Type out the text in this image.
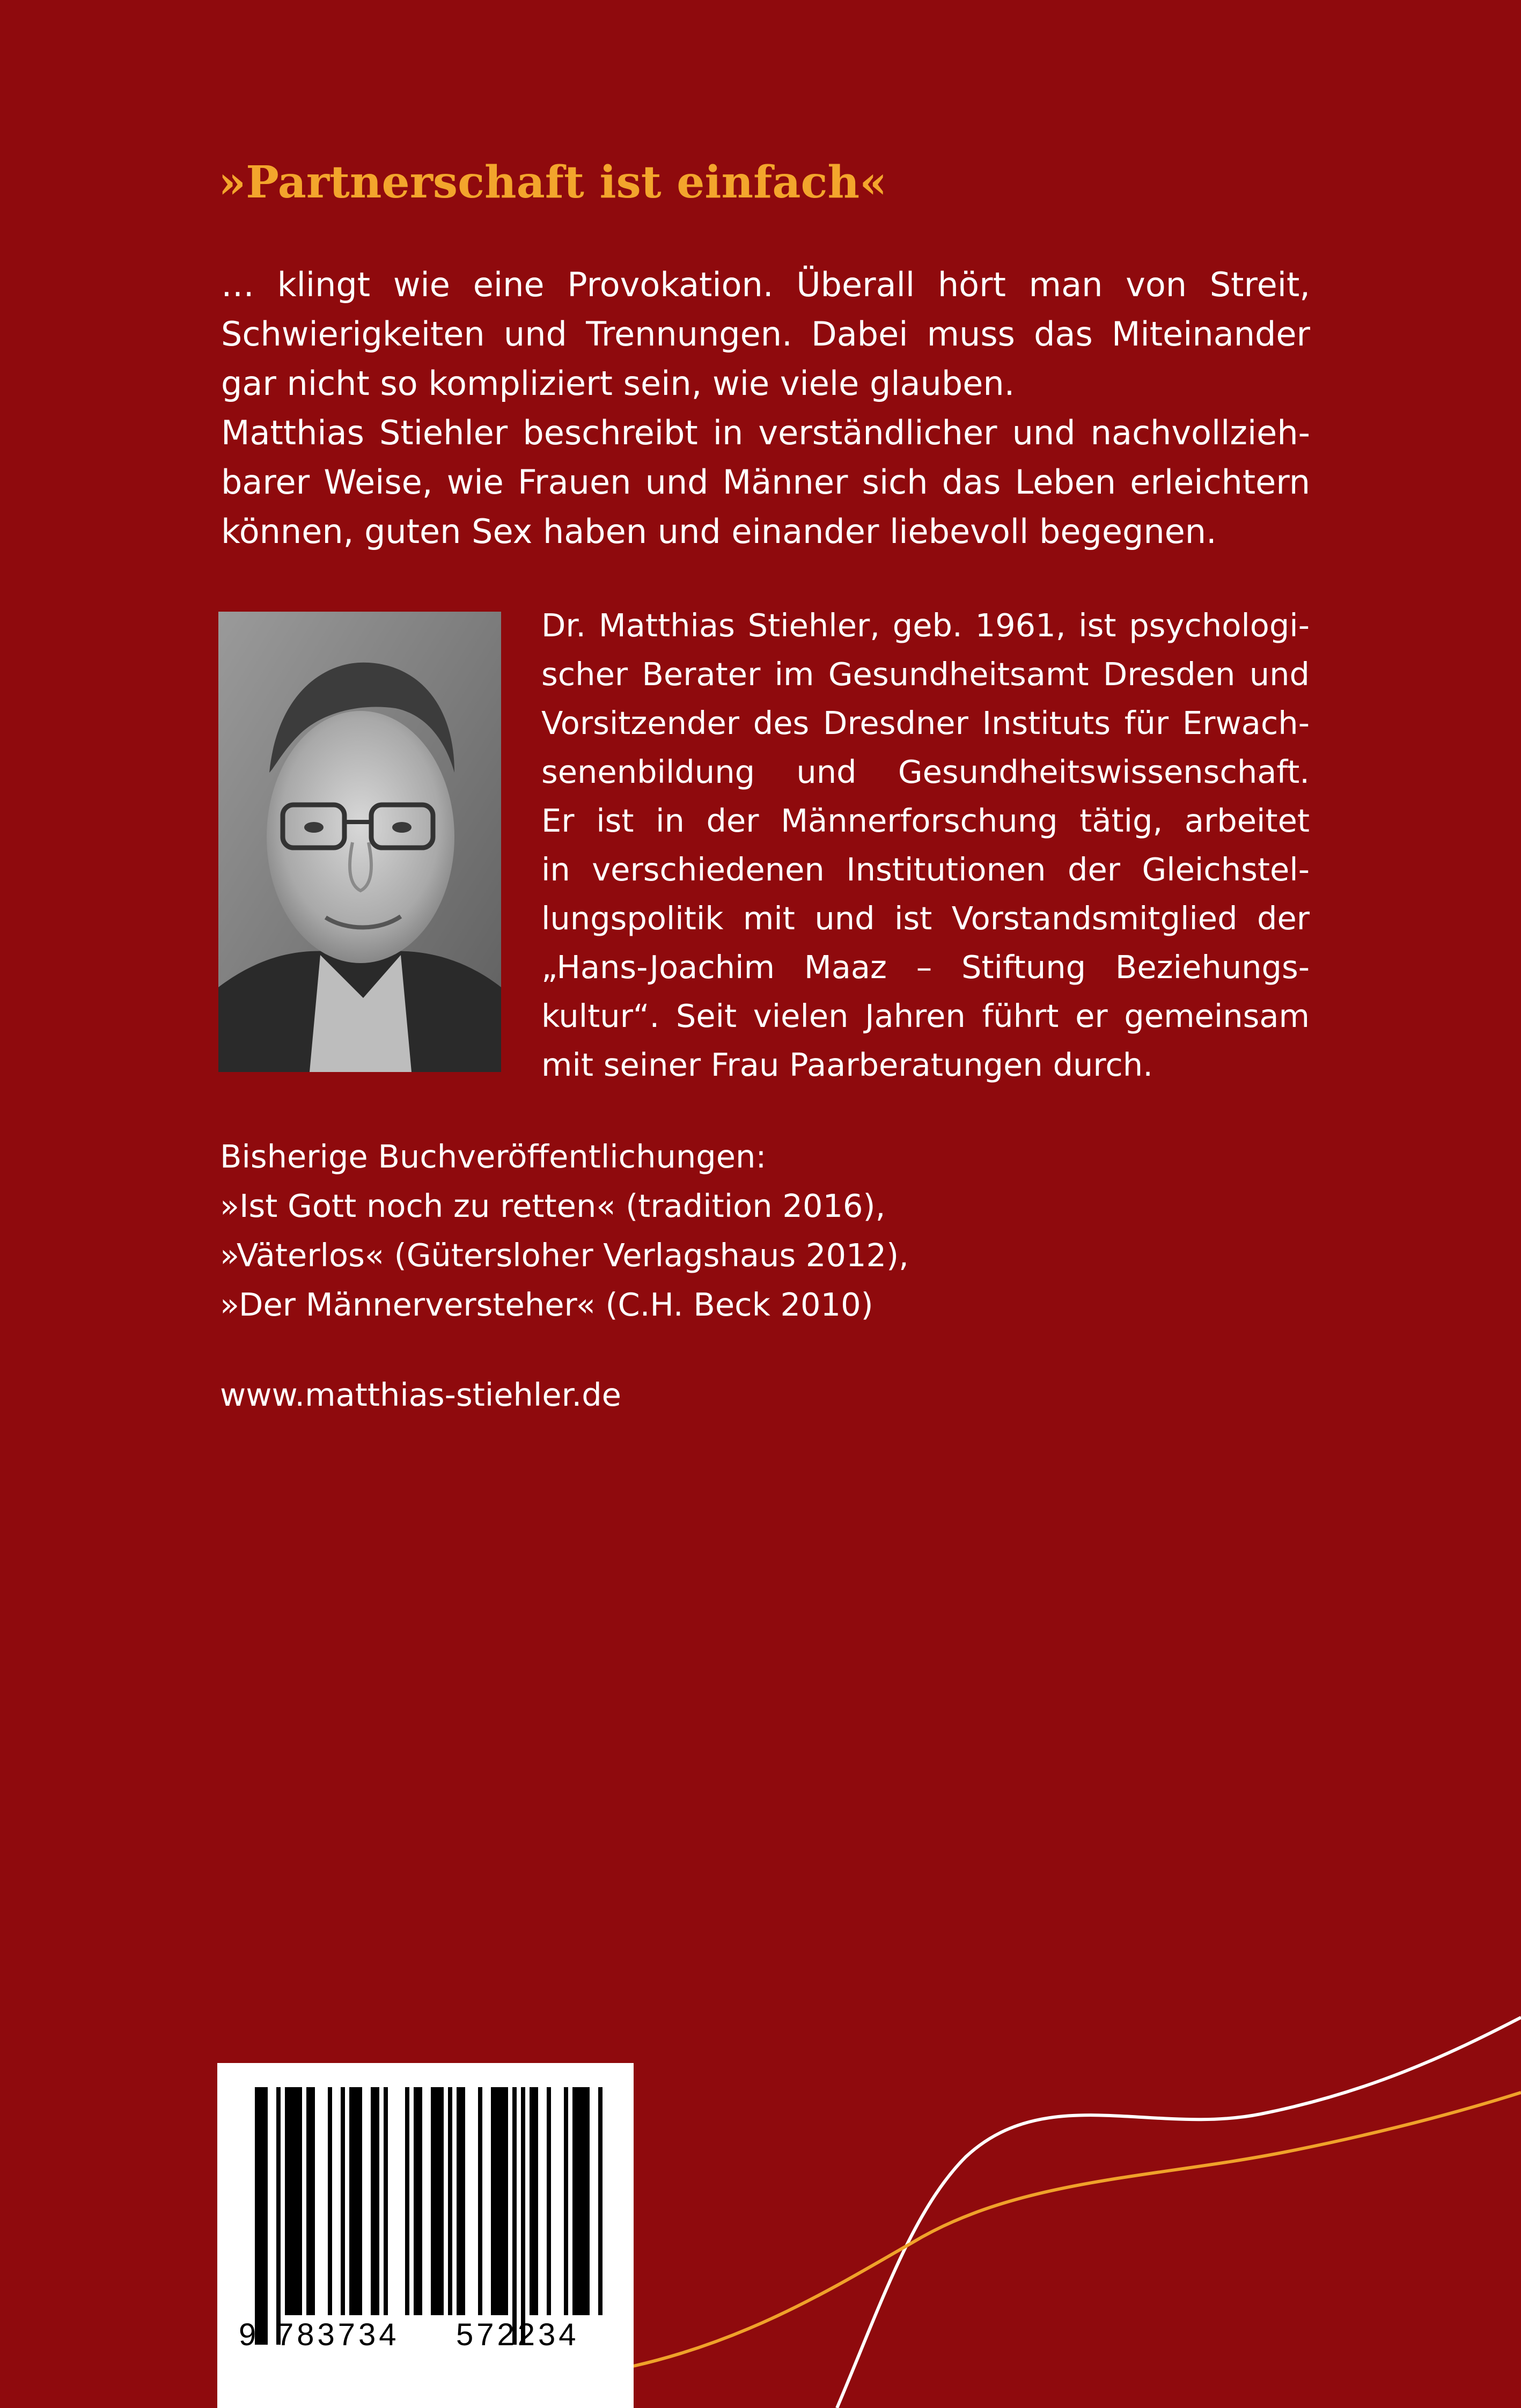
»Partnerschaft ist einfach«
… klingt wie eine Provokation. Überall hört man von Streit,
Schwierigkeiten und Trennungen. Dabei muss das Miteinander
gar nicht so kompliziert sein, wie viele glauben.
Matthias Stiehler beschreibt in verständlicher und nachvollzieh-
barer Weise, wie Frauen und Männer sich das Leben erleichtern
können, guten Sex haben und einander liebevoll begegnen.
Dr. Matthias Stiehler, geb. 1961, ist psychologi-
scher Berater im Gesundheitsamt Dresden und
Vorsitzender des Dresdner Instituts für Erwach-
senenbildung und Gesundheitswissenschaft.
Er ist in der Männerforschung tätig, arbeitet
in verschiedenen Institutionen der Gleichstel-
lungspolitik mit und ist Vorstandsmitglied der
„Hans-Joachim Maaz – Stiftung Beziehungs-
kultur“. Seit vielen Jahren führt er gemeinsam
mit seiner Frau Paarberatungen durch.
Bisherige Buchveröffentlichungen:
»Ist Gott noch zu retten« (tradition 2016),
»Väterlos« (Gütersloher Verlagshaus 2012),
»Der Männerversteher« (C.H. Beck 2010)

www.matthias-stiehler.de

9 783734 572234
